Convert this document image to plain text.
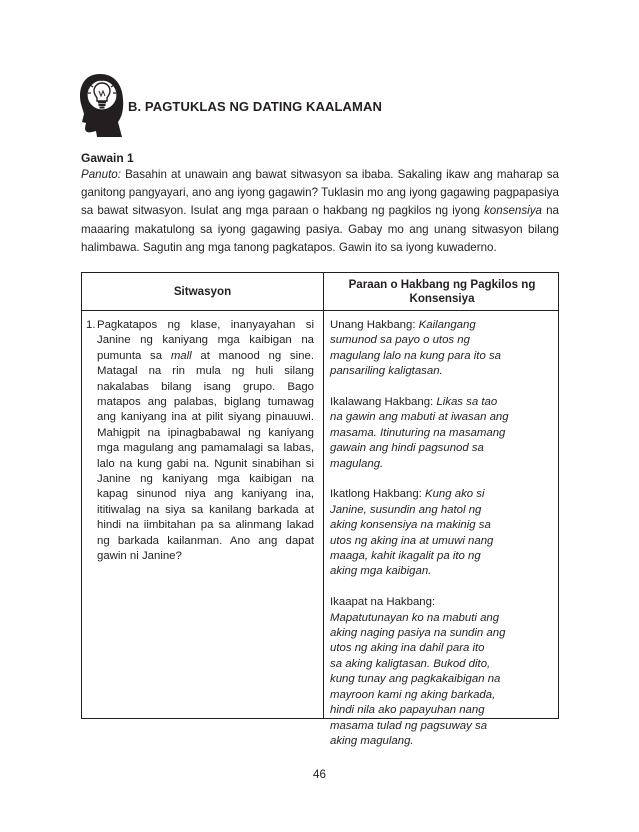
B. PAGTUKLAS NG DATING KAALAMAN
Gawain 1
Panuto: Basahin at unawain ang bawat sitwasyon sa ibaba. Sakaling ikaw ang maharap sa ganitong pangyayari, ano ang iyong gagawin? Tuklasin mo ang iyong gagawing pagpapasiya sa bawat sitwasyon. Isulat ang mga paraan o hakbang ng pagkilos ng iyong konsensiya na maaaring makatulong sa iyong gagawing pasiya. Gabay mo ang unang sitwasyon bilang halimbawa. Sagutin ang mga tanong pagkatapos. Gawin ito sa iyong kuwaderno.
Sitwasyon
Paraan o Hakbang ng Pagkilos ng Konsensiya
1. Pagkatapos ng klase, inanyayahan si Janine ng kaniyang mga kaibigan na pumunta sa mall at manood ng sine. Matagal na rin mula ng huli silang nakalabas bilang isang grupo. Bago matapos ang palabas, biglang tumawag ang kaniyang ina at pilit siyang pinauuwi. Mahigpit na ipinagbabawal ng kaniyang mga magulang ang pamamalagi sa labas, lalo na kung gabi na. Ngunit sinabihan si Janine ng kaniyang mga kaibigan na kapag sinunod niya ang kaniyang ina, ititiwalag na siya sa kanilang barkada at hindi na iimbitahan pa sa alinmang lakad ng barkada kailanman. Ano ang dapat gawin ni Janine?
Unang Hakbang: Kailangang
sumunod sa payo o utos ng
magulang lalo na kung para ito sa
pansariling kaligtasan.
Ikalawang Hakbang: Likas sa tao
na gawin ang mabuti at iwasan ang
masama. Itinuturing na masamang
gawain ang hindi pagsunod sa
magulang.
Ikatlong Hakbang: Kung ako si
Janine, susundin ang hatol ng
aking konsensiya na makinig sa
utos ng aking ina at umuwi nang
maaga, kahit ikagalit pa ito ng
aking mga kaibigan.
Ikaapat na Hakbang:
Mapatutunayan ko na mabuti ang
aking naging pasiya na sundin ang
utos ng aking ina dahil para ito
sa aking kaligtasan. Bukod dito,
kung tunay ang pagkakaibigan na
mayroon kami ng aking barkada,
hindi nila ako papayuhan nang
masama tulad ng pagsuway sa
aking magulang.
46
